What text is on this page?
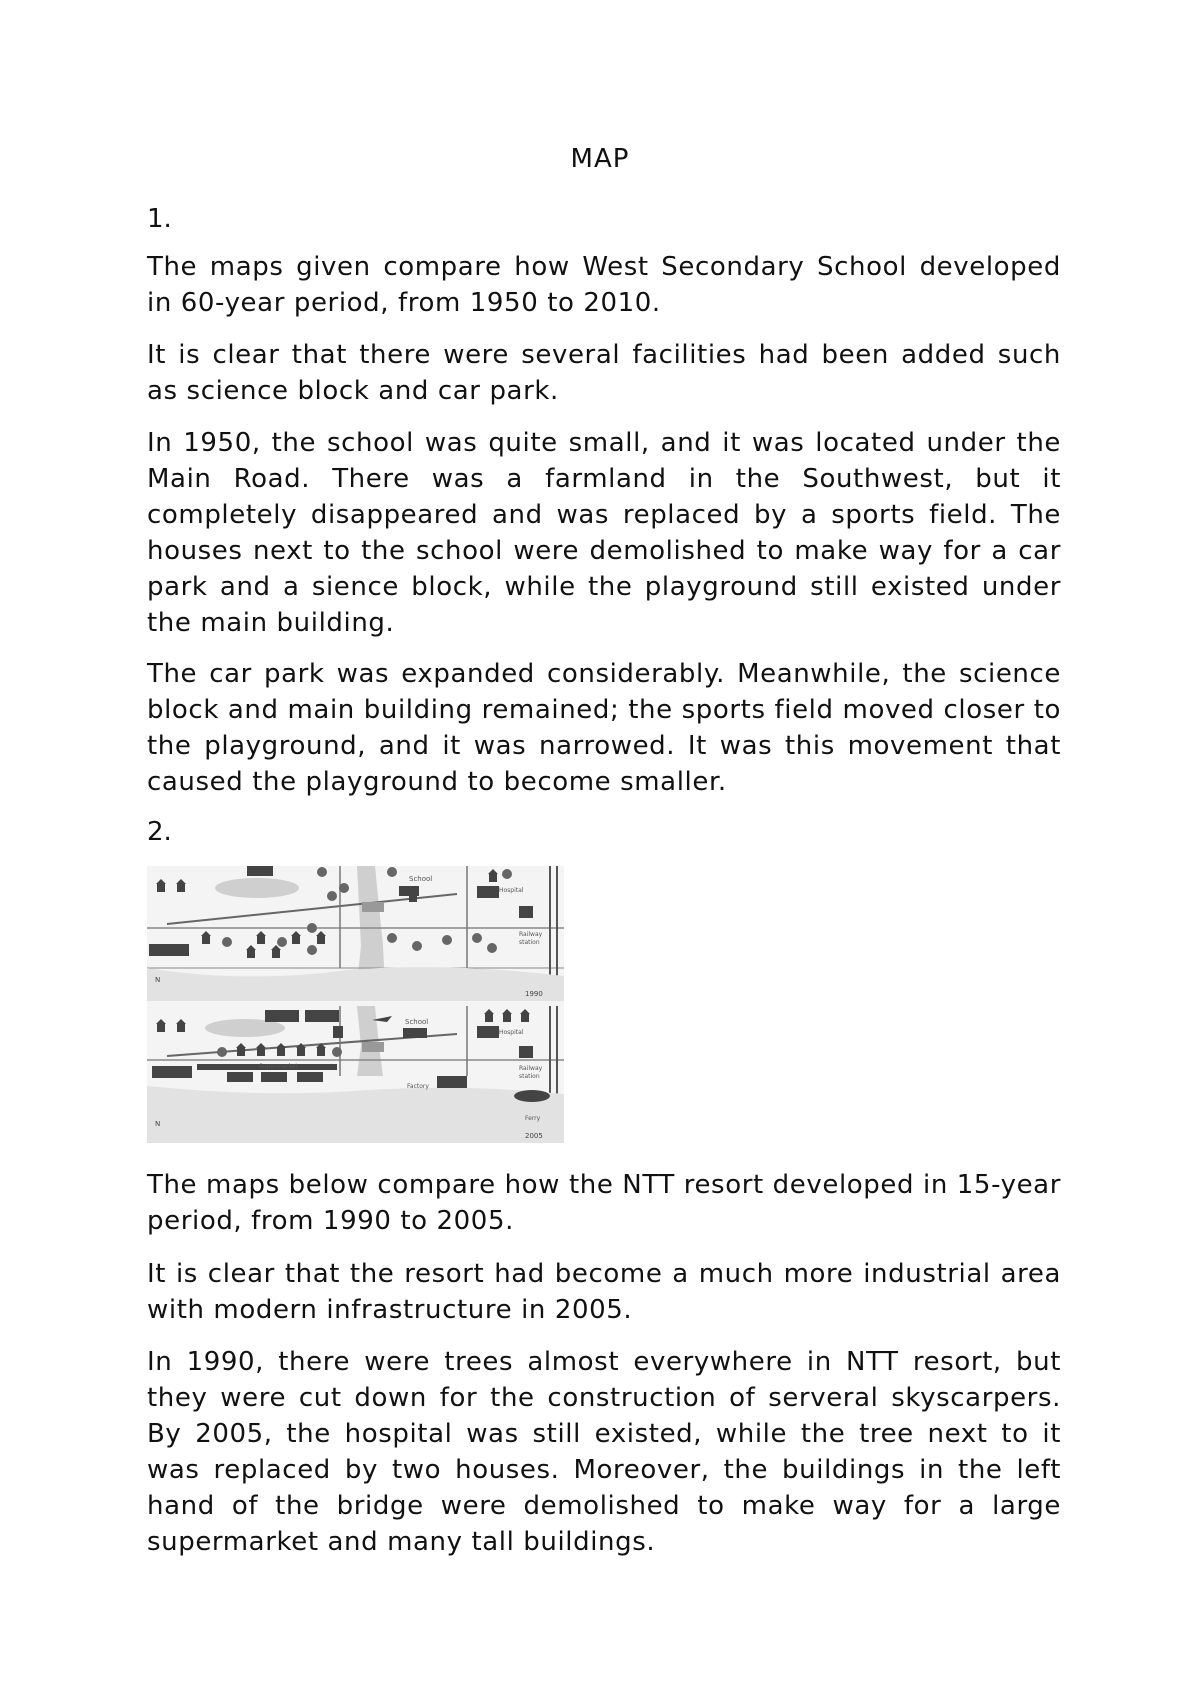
MAP

1.

The maps given compare how West Secondary School developed in 60-year period, from 1950 to 2010.

It is clear that there were several facilities had been added such as science block and car park.

In 1950, the school was quite small, and it was located under the Main Road. There was a farmland in the Southwest, but it completely disappeared and was replaced by a sports field. The houses next to the school were demolished to make way for a car park and a sience block, while the playground still existed under the main building.

The car park was expanded considerably. Meanwhile, the science block and main building remained; the sports field moved closer to the playground, and it was narrowed. It was this movement that caused the playground to become smaller.

2.

School
Hospital
Railway
station
N
1990
School
Hospital
Supermarket
Factory
Railway
station
Ferry
N
2005

The maps below compare how the NTT resort developed in 15-year period, from 1990 to 2005.

It is clear that the resort had become a much more industrial area with modern infrastructure in 2005.

In 1990, there were trees almost everywhere in NTT resort, but they were cut down for the construction of serveral skyscarpers. By 2005, the hospital was still existed, while the tree next to it was replaced by two houses. Moreover, the buildings in the left hand of the bridge were demolished to make way for a large supermarket and many tall buildings.
